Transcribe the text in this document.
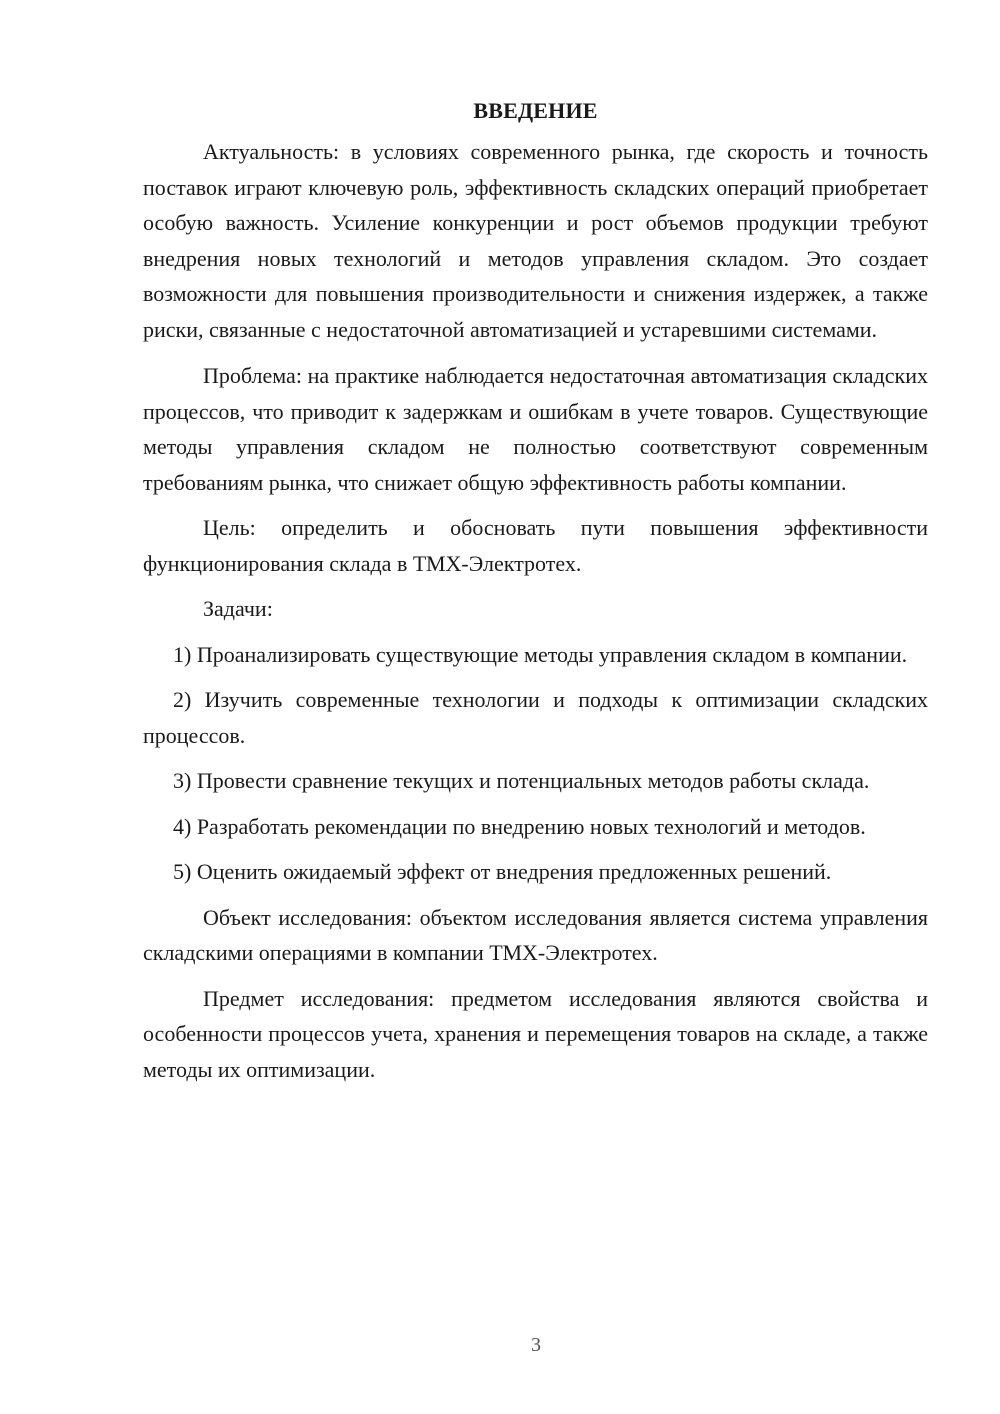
ВВЕДЕНИЕ

Актуальность: в условиях современного рынка, где скорость и точность поставок играют ключевую роль, эффективность складских операций приобретает особую важность. Усиление конкуренции и рост объемов продукции требуют внедрения новых технологий и методов управления складом. Это создает возможности для повышения производительности и снижения издержек, а также риски, связанные с недостаточной автоматизацией и устаревшими системами.

Проблема: на практике наблюдается недостаточная автоматизация складских процессов, что приводит к задержкам и ошибкам в учете товаров. Существующие методы управления складом не полностью соответствуют современным требованиям рынка, что снижает общую эффективность работы компании.

Цель: определить и обосновать пути повышения эффективности функционирования склада в ТМХ-Электротех.

Задачи:

1) Проанализировать существующие методы управления складом в компании.

2) Изучить современные технологии и подходы к оптимизации складских процессов.

3) Провести сравнение текущих и потенциальных методов работы склада.

4) Разработать рекомендации по внедрению новых технологий и методов.

5) Оценить ожидаемый эффект от внедрения предложенных решений.

Объект исследования: объектом исследования является система управления складскими операциями в компании ТМХ-Электротех.

Предмет исследования: предметом исследования являются свойства и особенности процессов учета, хранения и перемещения товаров на складе, а также методы их оптимизации.

3
